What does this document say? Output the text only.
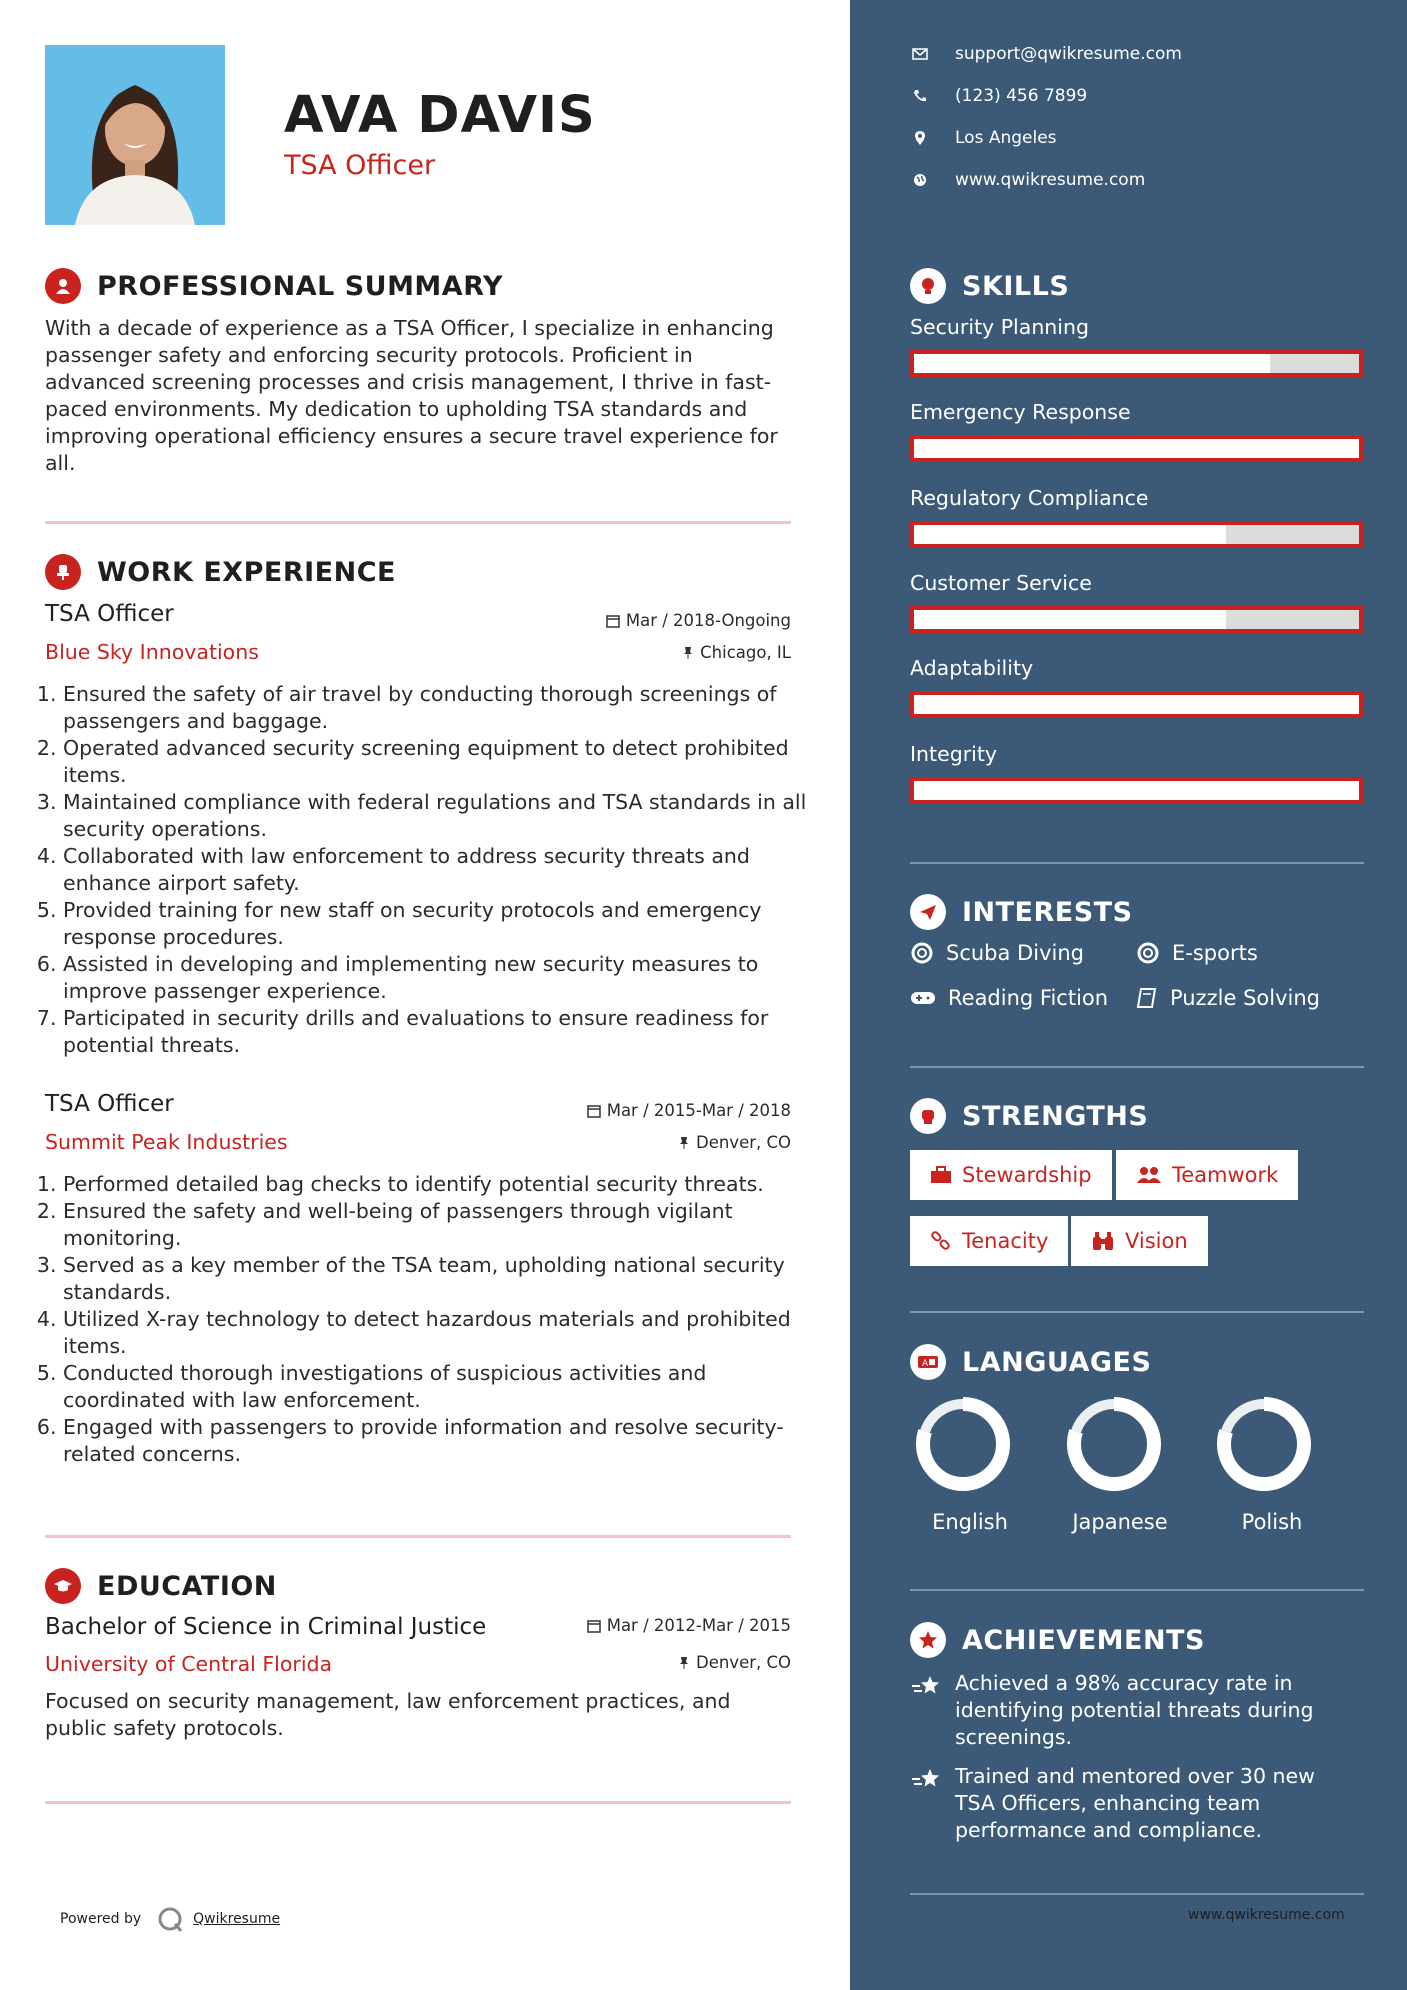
AVA DAVIS
TSA Officer
PROFESSIONAL SUMMARY
With a decade of experience as a TSA Officer, I specialize in enhancing passenger safety and enforcing security protocols. Proficient in advanced screening processes and crisis management, I thrive in fast-paced environments. My dedication to upholding TSA standards and improving operational efficiency ensures a secure travel experience for all.
WORK EXPERIENCE
TSA Officer	Mar / 2018-Ongoing
Blue Sky Innovations	Chicago, IL
1. Ensured the safety of air travel by conducting thorough screenings of passengers and baggage.
2. Operated advanced security screening equipment to detect prohibited items.
3. Maintained compliance with federal regulations and TSA standards in all security operations.
4. Collaborated with law enforcement to address security threats and enhance airport safety.
5. Provided training for new staff on security protocols and emergency response procedures.
6. Assisted in developing and implementing new security measures to improve passenger experience.
7. Participated in security drills and evaluations to ensure readiness for potential threats.
TSA Officer	Mar / 2015-Mar / 2018
Summit Peak Industries	Denver, CO
1. Performed detailed bag checks to identify potential security threats.
2. Ensured the safety and well-being of passengers through vigilant monitoring.
3. Served as a key member of the TSA team, upholding national security standards.
4. Utilized X-ray technology to detect hazardous materials and prohibited items.
5. Conducted thorough investigations of suspicious activities and coordinated with law enforcement.
6. Engaged with passengers to provide information and resolve security-related concerns.
EDUCATION
Bachelor of Science in Criminal Justice	Mar / 2012-Mar / 2015
University of Central Florida	Denver, CO
Focused on security management, law enforcement practices, and public safety protocols.
Powered by	Qwikresume
support@qwikresume.com
(123) 456 7899
Los Angeles
www.qwikresume.com
SKILLS
Security Planning
Emergency Response
Regulatory Compliance
Customer Service
Adaptability
Integrity
INTERESTS
Scuba Diving	E-sports
Reading Fiction	Puzzle Solving
STRENGTHS
Stewardship	Teamwork
Tenacity	Vision
A LANGUAGES
English	Japanese	Polish
ACHIEVEMENTS
Achieved a 98% accuracy rate in identifying potential threats during screenings.
Trained and mentored over 30 new TSA Officers, enhancing team performance and compliance.
www.qwikresume.com
